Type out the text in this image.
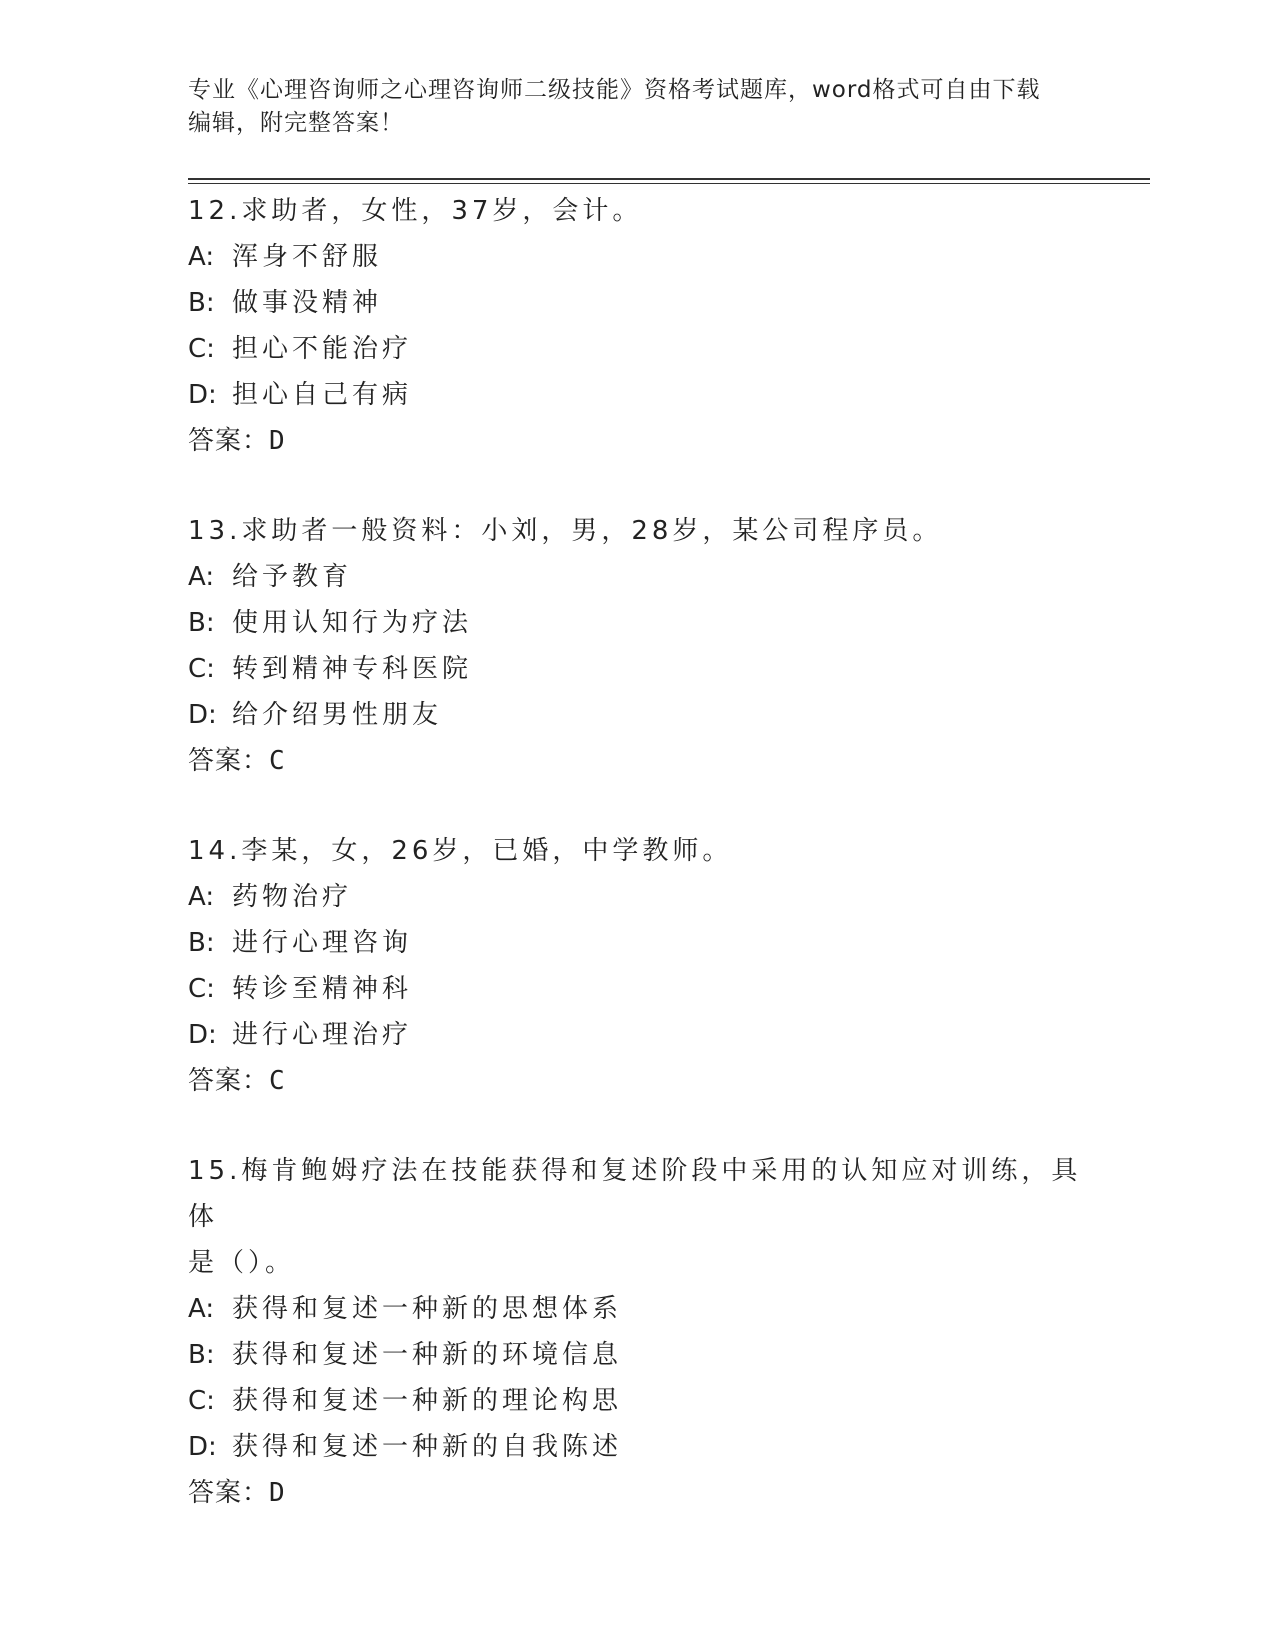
专业《心理咨询师之心理咨询师二级技能》资格考试题库，word格式可自由下载
编辑，附完整答案！

12.求助者，女性，37岁，会计。

A: 浑身不舒服
B: 做事没精神
C: 担心不能治疗
D: 担心自己有病

答案：D

13.求助者一般资料：小刘，男，28岁，某公司程序员。

A: 给予教育
B: 使用认知行为疗法
C: 转到精神专科医院
D: 给介绍男性朋友

答案：C

14.李某，女，26岁，已婚，中学教师。

A: 药物治疗
B: 进行心理咨询
C: 转诊至精神科
D: 进行心理治疗

答案：C

15.梅肯鲍姆疗法在技能获得和复述阶段中采用的认知应对训练，具体

是（）。

A: 获得和复述一种新的思想体系
B: 获得和复述一种新的环境信息
C: 获得和复述一种新的理论构思
D: 获得和复述一种新的自我陈述

答案：D
